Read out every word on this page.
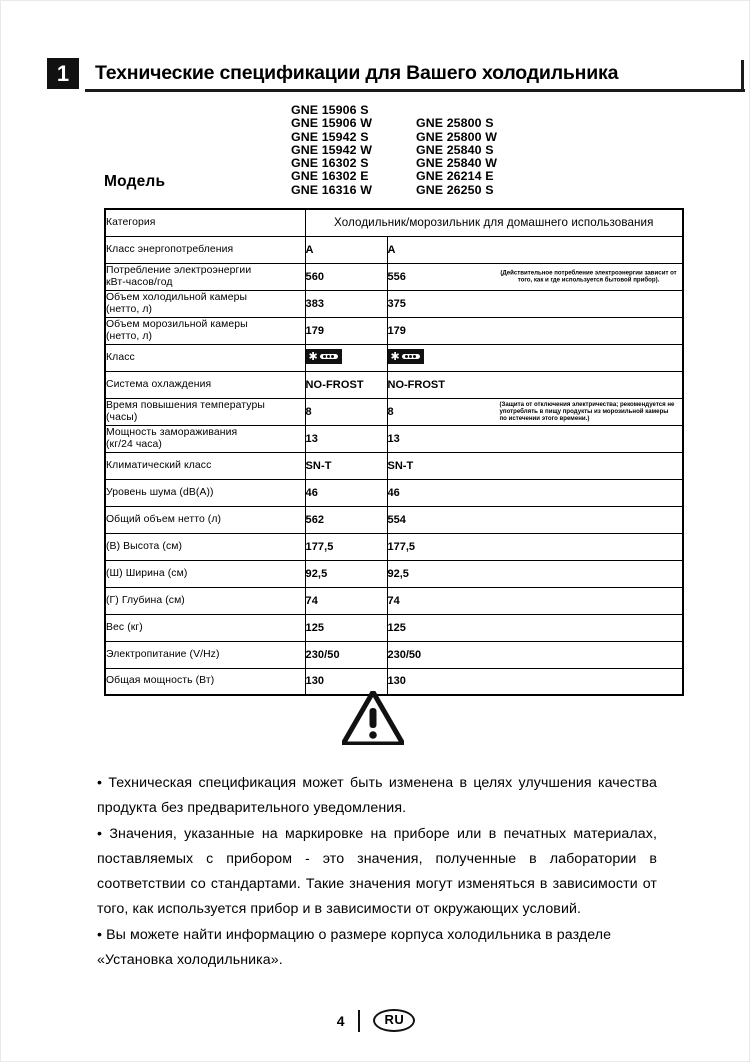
1	Технические спецификации для Вашего холодильника
Модель
GNE 15906 S
GNE 15906 W	GNE 25800 S
GNE 15942 S	GNE 25800 W
GNE 15942 W	GNE 25840 S
GNE 16302 S	GNE 25840 W
GNE 16302 E	GNE 26214 E
GNE 16316 W	GNE 26250 S
Категория	Холодильник/морозильник для домашнего использования	
Класс энергопотребления	A	A
Потребление электроэнергии
кВт-часов/год	560	556 (Действительное потребление электроэнергии зависит от того, как и где используется бытовой прибор).

Объем холодильной камеры
(нетто, л)	383	375
Объем морозильной камеры
(нетто, л)	179	179
Класс	✱	✱
Система охлаждения	NO-FROST	NO-FROST
Время повышения температуры
(часы)	8	8
(Защита от отключения электричества; рекомендуется не употреблять в пищу продукты из морозильной камеры по истечении этого времени.)

Мощность замораживания
(кг/24 часа)	13	13
Климатический класс	SN-T	SN-T
Уровень шума (dB(A))	46	46
Общий объем нетто (л)	562	554
(В) Высота (см)	177,5	177,5
(Ш) Ширина (см)	92,5	92,5
(Г) Глубина (см)	74	74
Вес (кг)	125	125
Электропитание (V/Hz)	230/50	230/50
Общая мощность (Вт)	130	130

• Техническая спецификация может быть изменена в целях улучшения качества продукта без предварительного уведомления.

• Значения, указанные на маркировке на приборе или в печатных материалах, поставляемых с прибором - это значения, полученные в лаборатории в соответствии со стандартами. Такие значения могут изменяться в зависимости от того, как используется прибор и в зависимости от окружающих условий.

• Вы можете найти информацию о размере корпуса холодильника в разделе «Установка холодильника».

4	RU
